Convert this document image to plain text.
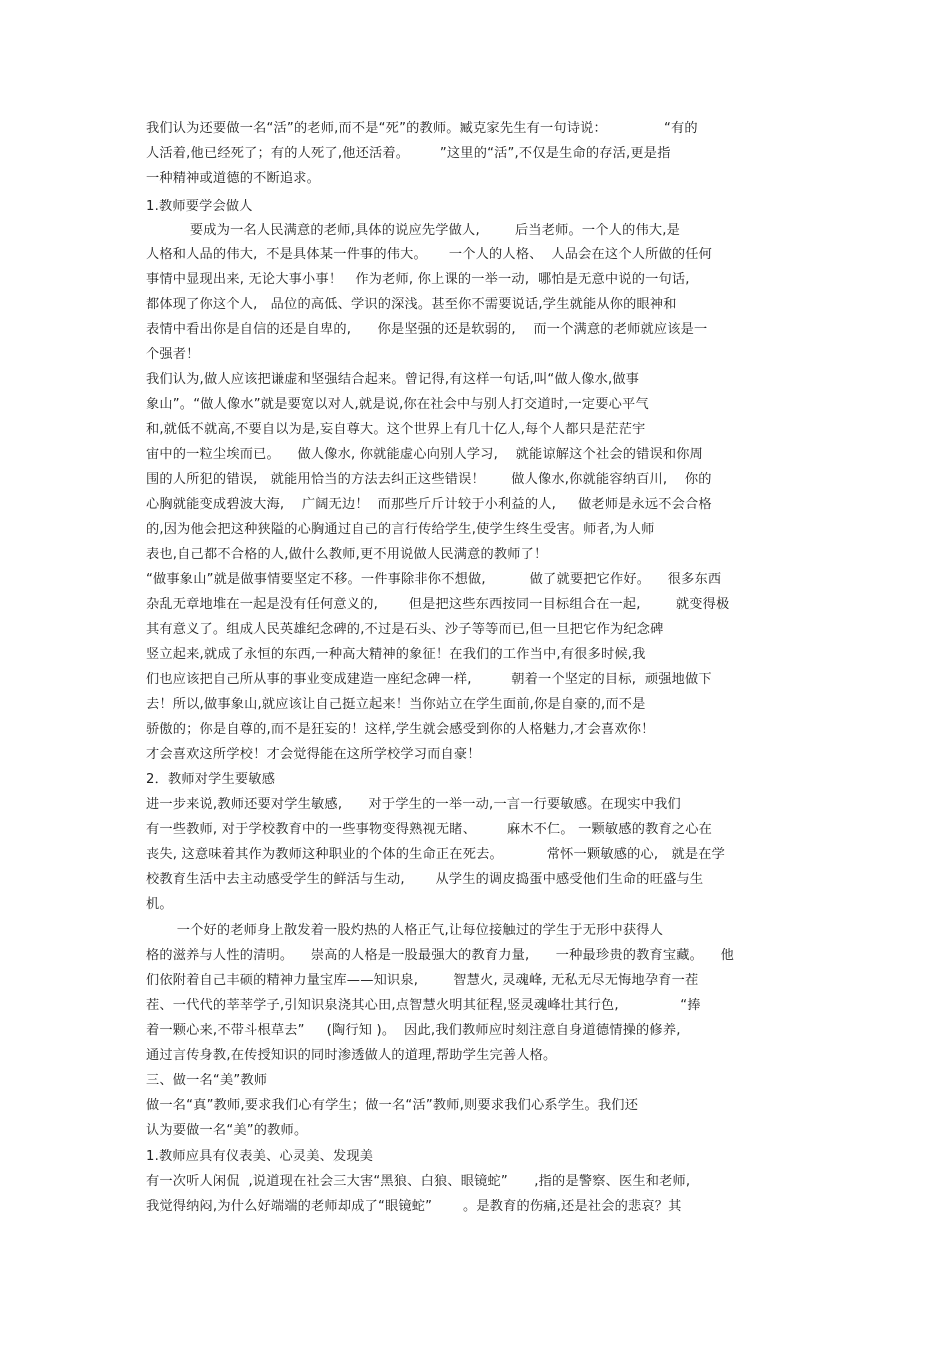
我们认为还要做一名“活”的老师,而不是“死”的教师。臧克家先生有一句诗说：             “有的
人活着,他已经死了；有的人死了,他还活着。       ”这里的“活”,不仅是生命的存活,更是指
一种精神或道德的不断追求。
1.教师要学会做人
要成为一名人民满意的老师,具体的说应先学做人,        后当老师。一个人的伟大,是
人格和人品的伟大,  不是具体某一件事的伟大。     一个人的人格、  人品会在这个人所做的任何
事情中显现出来, 无论大事小事！   作为老师, 你上课的一举一动,  哪怕是无意中说的一句话,
都体现了你这个人,   品位的高低、学识的深浅。甚至你不需要说话,学生就能从你的眼神和
表情中看出你是自信的还是自卑的,      你是坚强的还是软弱的,    而一个满意的老师就应该是一
个强者！
我们认为,做人应该把谦虚和坚强结合起来。曾记得,有这样一句话,叫“做人像水,做事
象山”。“做人像水”就是要宽以对人,就是说,你在社会中与别人打交道时,一定要心平气
和,就低不就高,不要自以为是,妄自尊大。这个世界上有几十亿人,每个人都只是茫茫宇
宙中的一粒尘埃而已。    做人像水, 你就能虚心向别人学习,    就能谅解这个社会的错误和你周
围的人所犯的错误,   就能用恰当的方法去纠正这些错误！      做人像水,你就能容纳百川,    你的
心胸就能变成碧波大海,    广阔无边！  而那些斤斤计较于小利益的人,     做老师是永远不会合格
的,因为他会把这种狭隘的心胸通过自己的言行传给学生,使学生终生受害。师者,为人师
表也,自己都不合格的人,做什么教师,更不用说做人民满意的教师了！
“做事象山”就是做事情要坚定不移。一件事除非你不想做,          做了就要把它作好。    很多东西
杂乱无章地堆在一起是没有任何意义的,       但是把这些东西按同一目标组合在一起,        就变得极
其有意义了。组成人民英雄纪念碑的,不过是石头、沙子等等而已,但一旦把它作为纪念碑
竖立起来,就成了永恒的东西,一种高大精神的象征！在我们的工作当中,有很多时候,我
们也应该把自己所从事的事业变成建造一座纪念碑一样,         朝着一个坚定的目标,  顽强地做下
去！所以,做事象山,就应该让自己挺立起来！当你站立在学生面前,你是自豪的,而不是
骄傲的；你是自尊的,而不是狂妄的！这样,学生就会感受到你的人格魅力,才会喜欢你！
才会喜欢这所学校！才会觉得能在这所学校学习而自豪！
2．教师对学生要敏感
进一步来说,教师还要对学生敏感,      对于学生的一举一动,一言一行要敏感。在现实中我们
有一些教师, 对于学校教育中的一些事物变得熟视无睹、       麻木不仁。 一颗敏感的教育之心在
丧失, 这意味着其作为教师这种职业的个体的生命正在死去。          常怀一颗敏感的心,   就是在学
校教育生活中去主动感受学生的鲜活与生动,       从学生的调皮捣蛋中感受他们生命的旺盛与生
机。
一个好的老师身上散发着一股灼热的人格正气,让每位接触过的学生于无形中获得人
格的滋养与人性的清明。    崇高的人格是一股最强大的教育力量,      一种最珍贵的教育宝藏。    他
们依附着自己丰硕的精神力量宝库——知识泉,        智慧火, 灵魂峰, 无私无尽无悔地孕育一茬
茬、一代代的莘莘学子,引知识泉浇其心田,点智慧火明其征程,竖灵魂峰壮其行色,              “捧
着一颗心来,不带斗根草去”     (陶行知 )。  因此,我们教师应时刻注意自身道德情操的修养,
通过言传身教,在传授知识的同时渗透做人的道理,帮助学生完善人格。
三、做一名“美”教师
做一名“真”教师,要求我们心有学生；做一名“活”教师,则要求我们心系学生。我们还
认为要做一名“美”的教师。
1.教师应具有仪表美、心灵美、发现美
有一次听人闲侃  ,说道现在社会三大害“黑狼、白狼、眼镜蛇”      ,指的是警察、医生和老师,
我觉得纳闷,为什么好端端的老师却成了“眼镜蛇”       。是教育的伤痛,还是社会的悲哀？其
